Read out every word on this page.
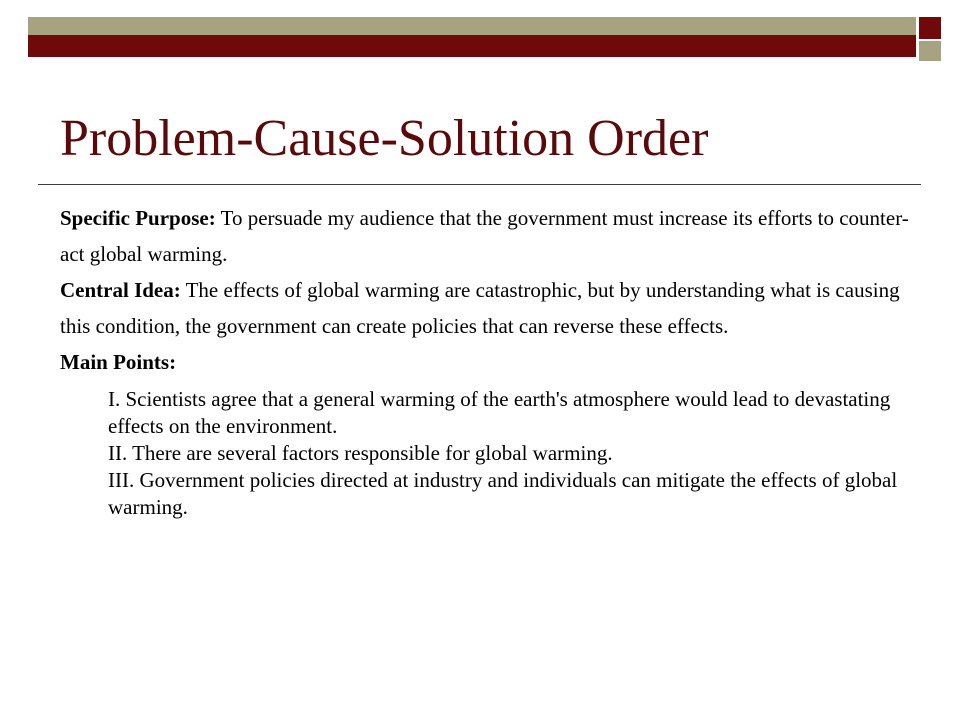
Problem-Cause-Solution Order

Specific Purpose: To persuade my audience that the government must increase its efforts to counter-act global warming.

Central Idea: The effects of global warming are catastrophic, but by understanding what is causing this condition, the government can create policies that can reverse these effects.

Main Points:

I. Scientists agree that a general warming of the earth's atmosphere would lead to devastating effects on the environment.
II. There are several factors responsible for global warming.
III. Government policies directed at industry and individuals can mitigate the effects of global warming.
